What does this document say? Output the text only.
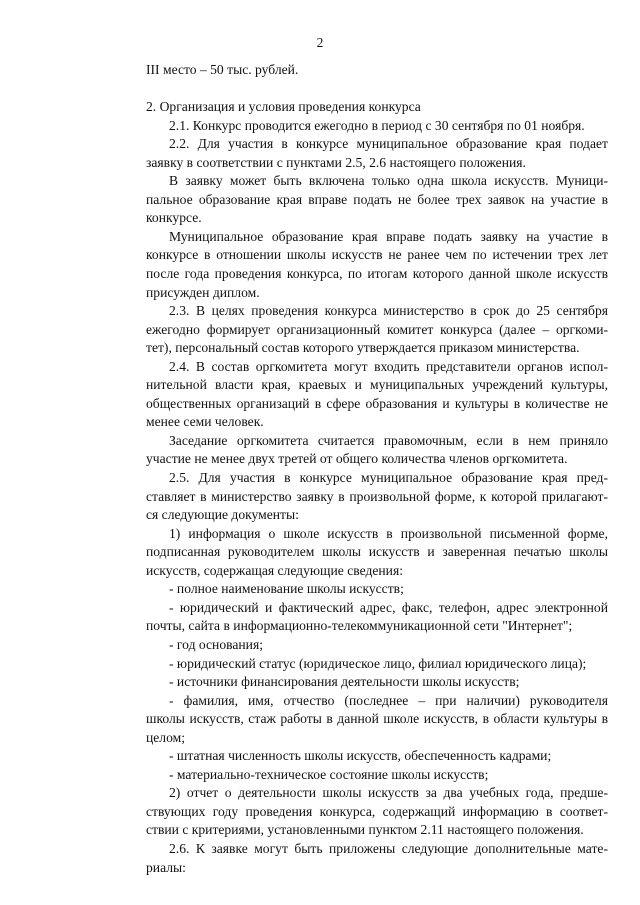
2
III место – 50 тыс. рублей.
2. Организация и условия проведения конкурса
2.1. Конкурс проводится ежегодно в период с 30 сентября по 01 ноября.
2.2. Для участия в конкурсе муниципальное образование края подает
заявку в соответствии с пунктами 2.5, 2.6 настоящего положения.
В заявку может быть включена только одна школа искусств. Муници-
пальное образование края вправе подать не более трех заявок на участие в
конкурсе.
Муниципальное образование края вправе подать заявку на участие в
конкурсе в отношении школы искусств не ранее чем по истечении трех лет
после года проведения конкурса, по итогам которого данной школе искусств
присужден диплом.
2.3. В целях проведения конкурса министерство в срок до 25 сентября
ежегодно формирует организационный комитет конкурса (далее – оргкоми-
тет), персональный состав которого утверждается приказом министерства.
2.4. В состав оргкомитета могут входить представители органов испол-
нительной власти края, краевых и муниципальных учреждений культуры,
общественных организаций в сфере образования и культуры в количестве не
менее семи человек.
Заседание оргкомитета считается правомочным, если в нем приняло
участие не менее двух третей от общего количества членов оргкомитета.
2.5. Для участия в конкурсе муниципальное образование края пред-
ставляет в министерство заявку в произвольной форме, к которой прилагают-
ся следующие документы:
1) информация о школе искусств в произвольной письменной форме,
подписанная руководителем школы искусств и заверенная печатью школы
искусств, содержащая следующие сведения:
- полное наименование школы искусств;
- юридический и фактический адрес, факс, телефон, адрес электронной
почты, сайта в информационно-телекоммуникационной сети "Интернет";
- год основания;
- юридический статус (юридическое лицо, филиал юридического лица);
- источники финансирования деятельности школы искусств;
- фамилия, имя, отчество (последнее – при наличии) руководителя
школы искусств, стаж работы в данной школе искусств, в области культуры в
целом;
- штатная численность школы искусств, обеспеченность кадрами;
- материально-техническое состояние школы искусств;
2) отчет о деятельности школы искусств за два учебных года, предше-
ствующих году проведения конкурса, содержащий информацию в соответ-
ствии с критериями, установленными пунктом 2.11 настоящего положения.
2.6. К заявке могут быть приложены следующие дополнительные мате-
риалы:
